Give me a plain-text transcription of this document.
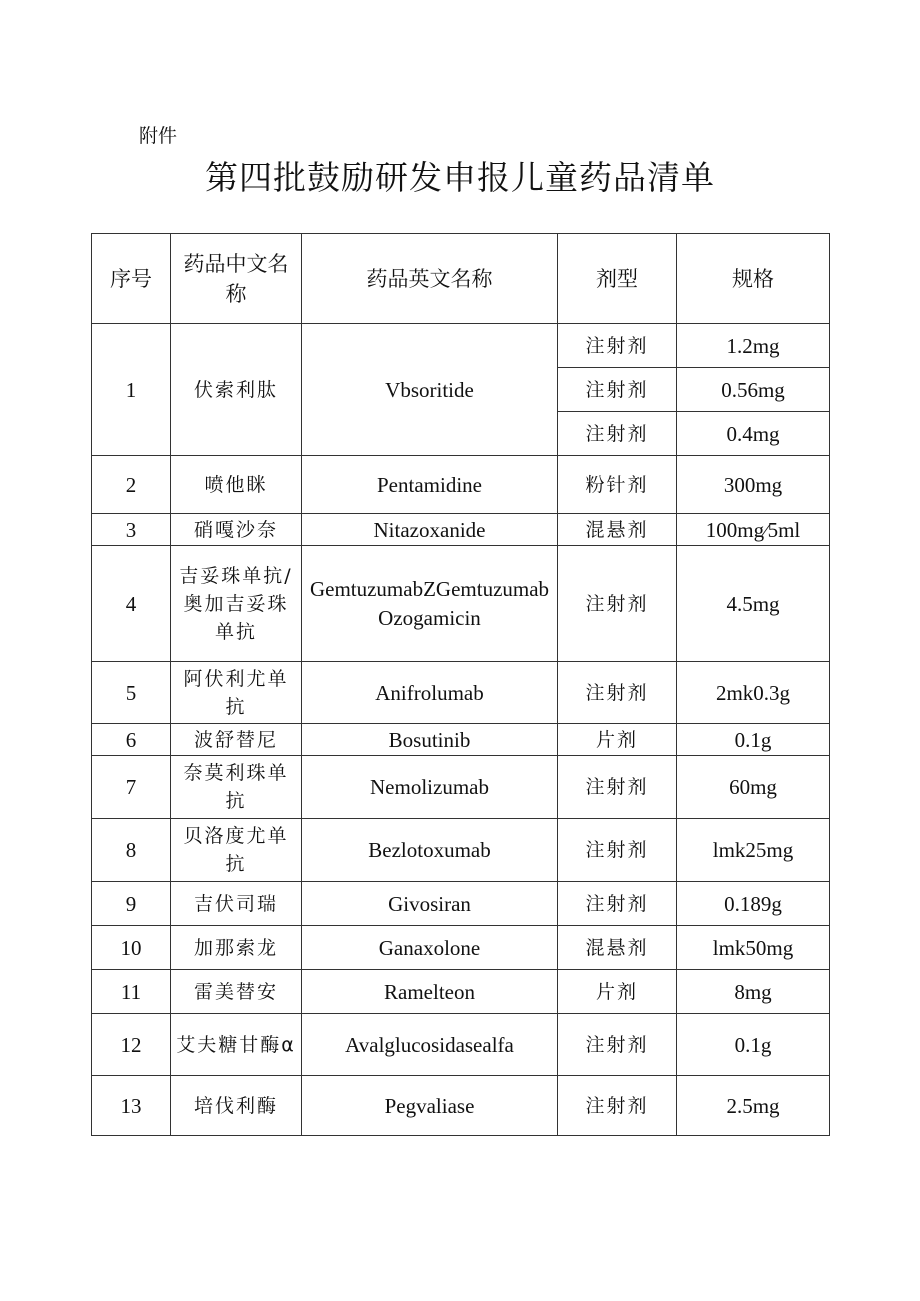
附件
第四批鼓励研发申报儿童药品清单
序号	药品中文名称	药品英文名称	剂型	规格
1	伏索利肽	Vbsoritide	注射剂	1.2mg
			注射剂	0.56mg
			注射剂	0.4mg
2	喷他眯	Pentamidine	粉针剂	300mg
3	硝嘎沙奈	Nitazoxanide	混悬剂	100mg∕5ml
4	吉妥珠单抗/奥加吉妥珠单抗	GemtuzumabZGemtuzumabOzogamicin	注射剂	4.5mg
5	阿伏利尤单抗	Anifrolumab	注射剂	2mk0.3g
6	波舒替尼	Bosutinib	片剂	0.1g
7	奈莫利珠单抗	Nemolizumab	注射剂	60mg
8	贝洛度尤单抗	Bezlotoxumab	注射剂	lmk25mg
9	吉伏司瑞	Givosiran	注射剂	0.189g
10	加那索龙	Ganaxolone	混悬剂	lmk50mg
11	雷美替安	Ramelteon	片剂	8mg
12	艾夫糖甘酶α	Avalglucosidasealfa	注射剂	0.1g
13	培伐利酶	Pegvaliase	注射剂	2.5mg
